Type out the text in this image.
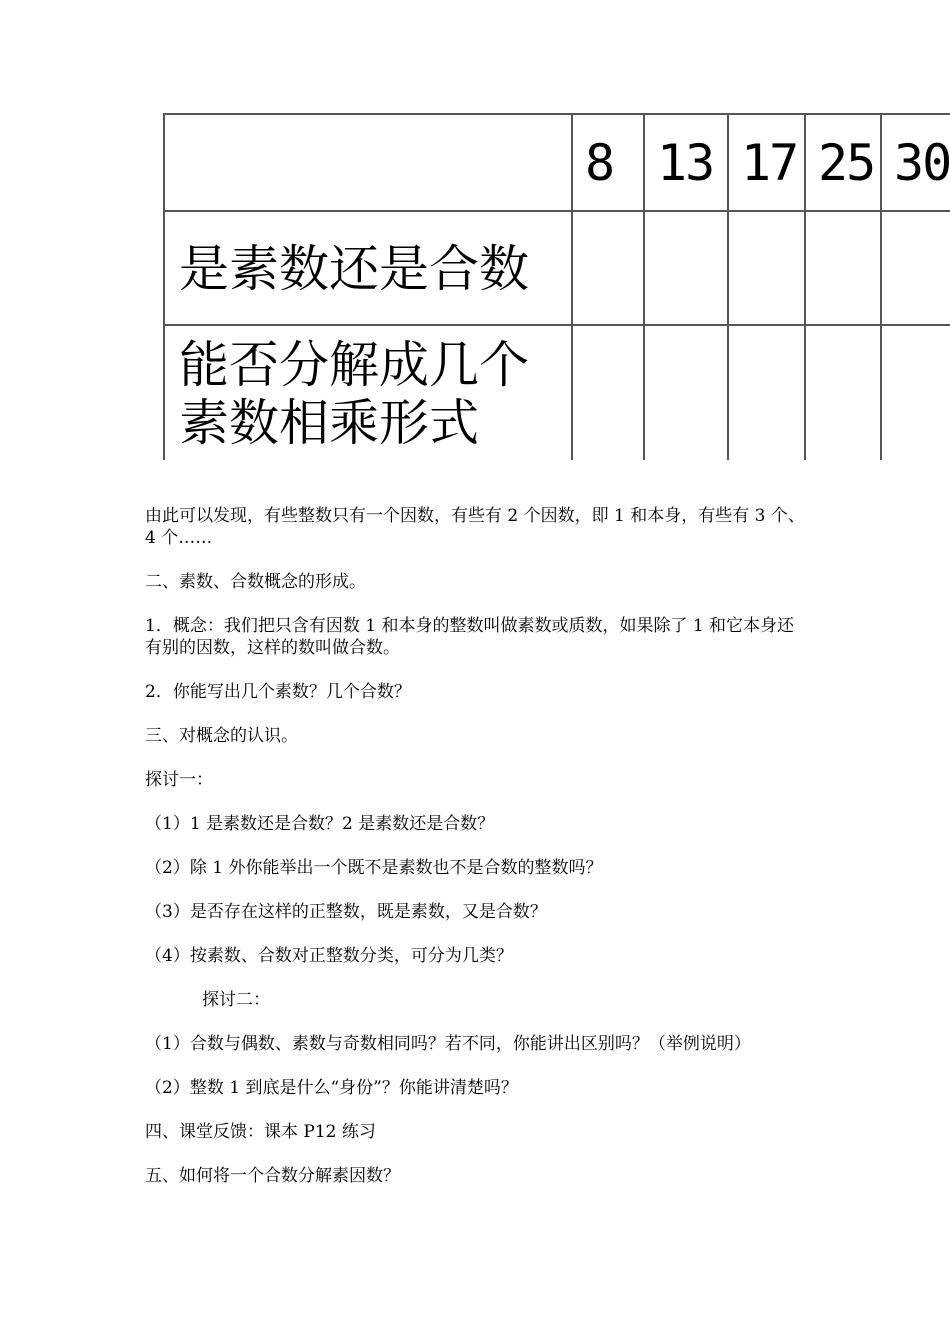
	8	13	17	25	30
是素数还是合数					

能否分解成几个
素数相乘形式					

由此可以发现，有些整数只有一个因数，有些有 2 个因数，即 1 和本身，有些有 3 个、4 个……

二、素数、合数概念的形成。

1．概念：我们把只含有因数 1 和本身的整数叫做素数或质数，如果除了 1 和它本身还有别的因数，这样的数叫做合数。

2．你能写出几个素数？几个合数？

三、对概念的认识。

探讨一：

（1）1 是素数还是合数？2 是素数还是合数？

（2）除 1 外你能举出一个既不是素数也不是合数的整数吗？

（3）是否存在这样的正整数，既是素数，又是合数？

（4）按素数、合数对正整数分类，可分为几类？

探讨二：

（1）合数与偶数、素数与奇数相同吗？若不同，你能讲出区别吗？（举例说明）

（2）整数 1 到底是什么“身份”？你能讲清楚吗？

四、课堂反馈：课本 P12 练习

五、如何将一个合数分解素因数？
